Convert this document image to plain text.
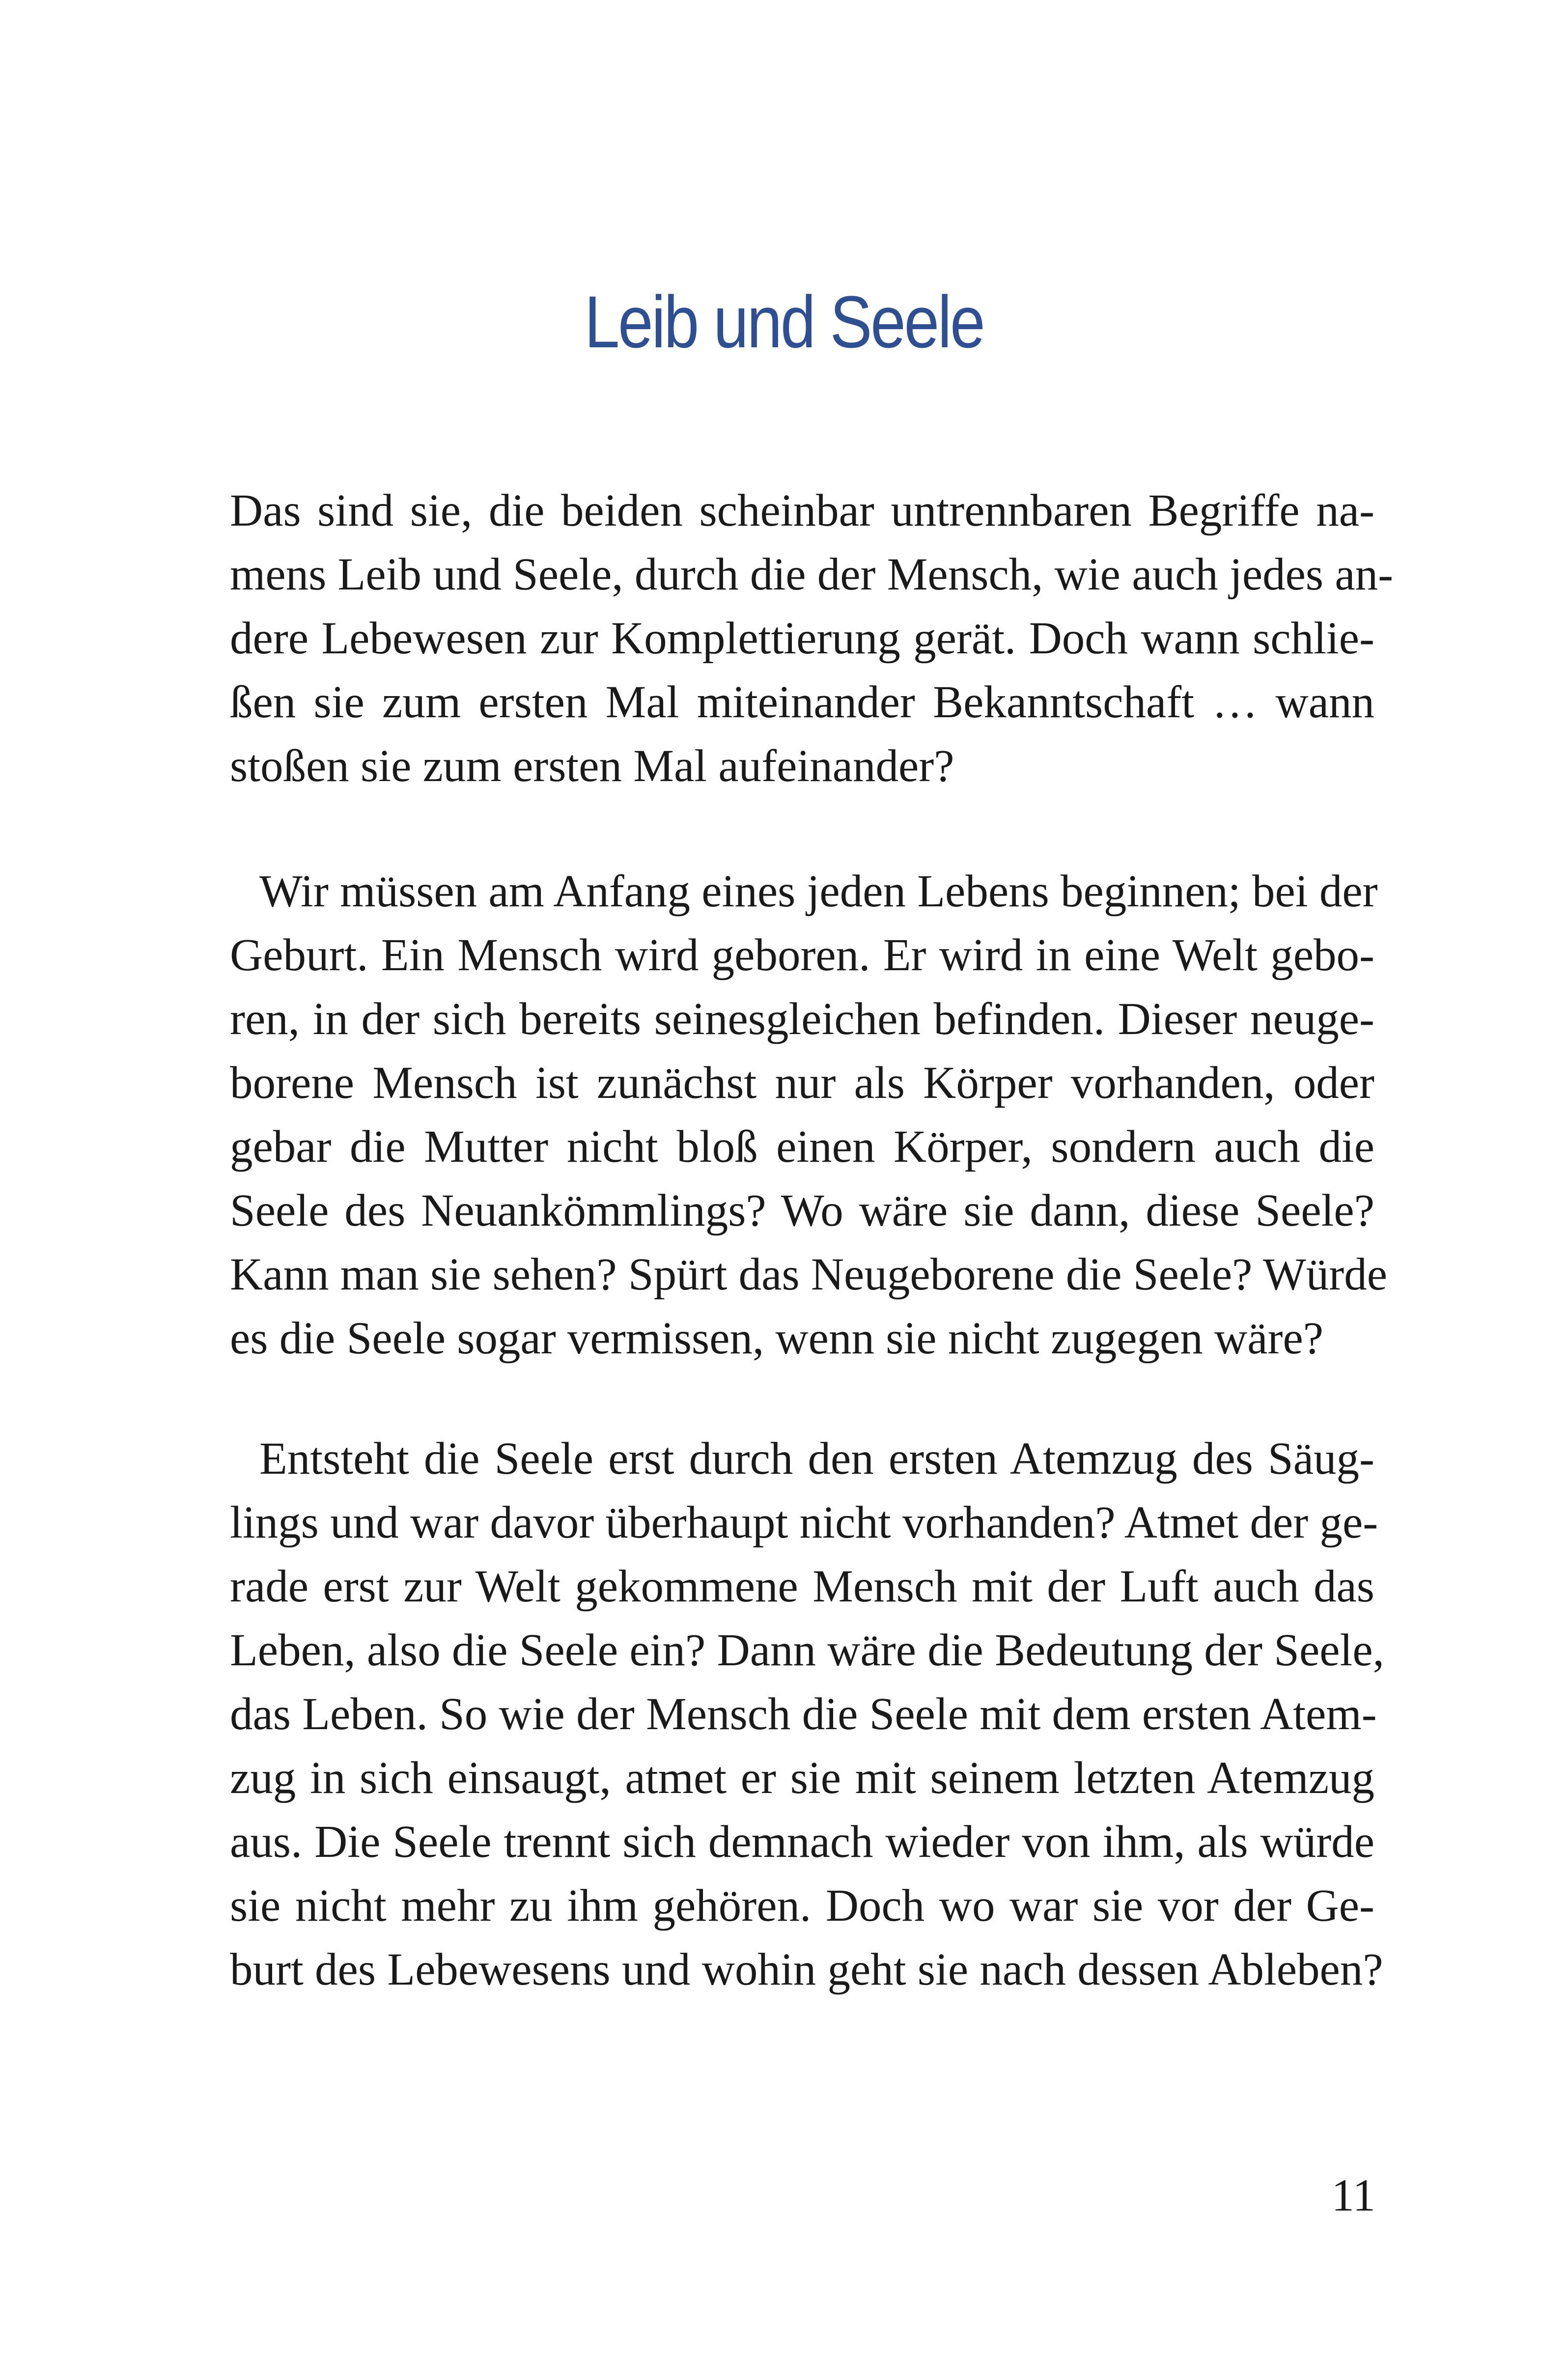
Leib und Seele

Das sind sie, die beiden scheinbar untrennbaren Begriffe na-
mens Leib und Seele, durch die der Mensch, wie auch jedes an-
dere Lebewesen zur Komplettierung gerät. Doch wann schlie-
ßen sie zum ersten Mal miteinander Bekanntschaft … wann
stoßen sie zum ersten Mal aufeinander?

Wir müssen am Anfang eines jeden Lebens beginnen; bei der
Geburt. Ein Mensch wird geboren. Er wird in eine Welt gebo-
ren, in der sich bereits seinesgleichen befinden. Dieser neuge-
borene Mensch ist zunächst nur als Körper vorhanden, oder
gebar die Mutter nicht bloß einen Körper, sondern auch die
Seele des Neuankömmlings? Wo wäre sie dann, diese Seele?
Kann man sie sehen? Spürt das Neugeborene die Seele? Würde
es die Seele sogar vermissen, wenn sie nicht zugegen wäre?

Entsteht die Seele erst durch den ersten Atemzug des Säug-
lings und war davor überhaupt nicht vorhanden? Atmet der ge-
rade erst zur Welt gekommene Mensch mit der Luft auch das
Leben, also die Seele ein? Dann wäre die Bedeutung der Seele,
das Leben. So wie der Mensch die Seele mit dem ersten Atem-
zug in sich einsaugt, atmet er sie mit seinem letzten Atemzug
aus. Die Seele trennt sich demnach wieder von ihm, als würde
sie nicht mehr zu ihm gehören. Doch wo war sie vor der Ge-
burt des Lebewesens und wohin geht sie nach dessen Ableben?

11
